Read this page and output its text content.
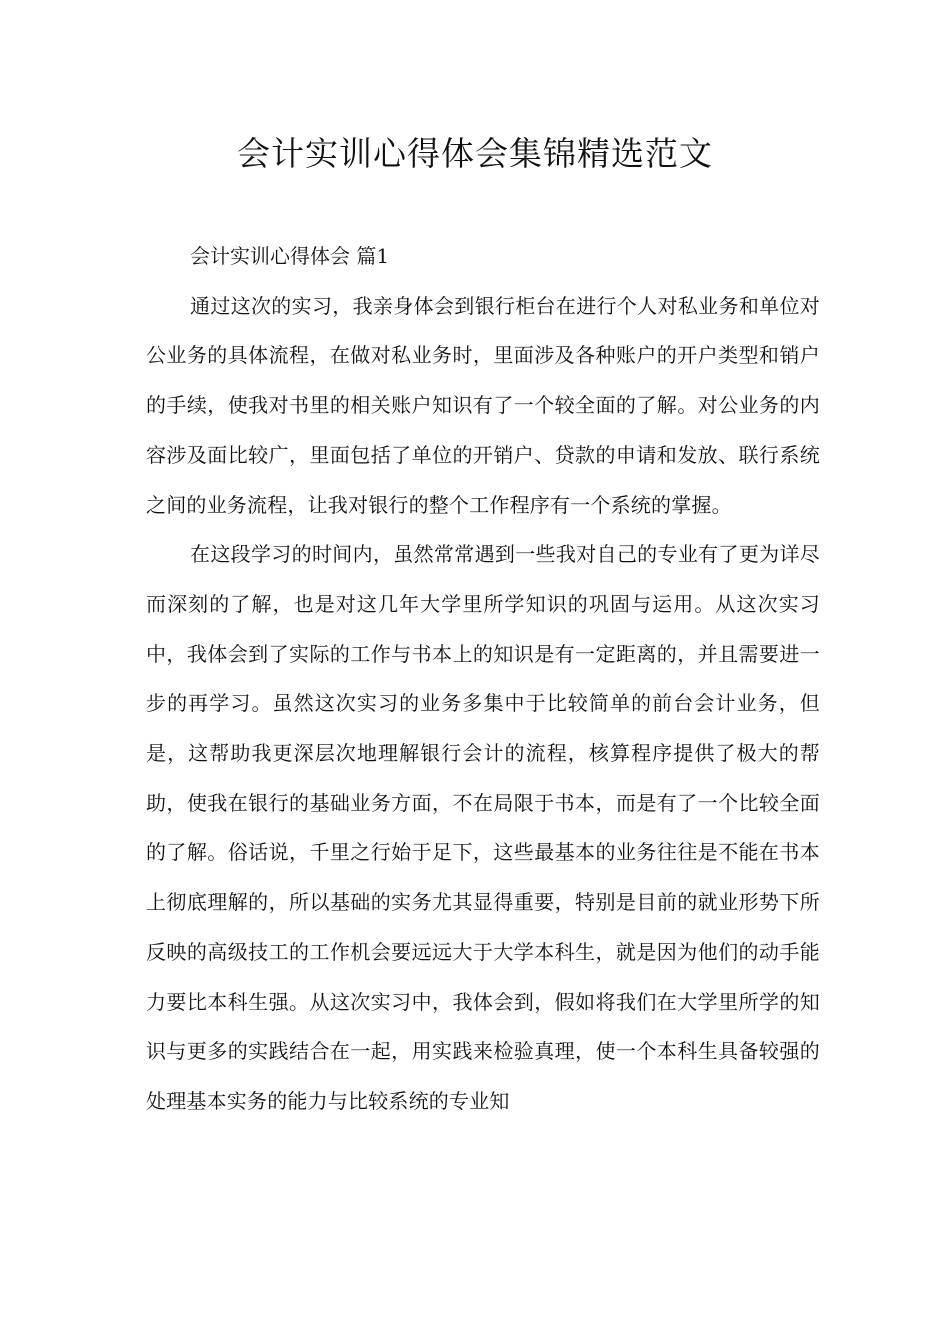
会计实训心得体会集锦精选范文

会计实训心得体会 篇1

通过这次的实习，我亲身体会到银行柜台在进行个人对私业务和单位对公业务的具体流程，在做对私业务时，里面涉及各种账户的开户类型和销户的手续，使我对书里的相关账户知识有了一个较全面的了解。对公业务的内容涉及面比较广，里面包括了单位的开销户、贷款的申请和发放、联行系统之间的业务流程，让我对银行的整个工作程序有一个系统的掌握。

在这段学习的时间内，虽然常常遇到一些我对自己的专业有了更为详尽而深刻的了解，也是对这几年大学里所学知识的巩固与运用。从这次实习中，我体会到了实际的工作与书本上的知识是有一定距离的，并且需要进一步的再学习。虽然这次实习的业务多集中于比较简单的前台会计业务，但是，这帮助我更深层次地理解银行会计的流程，核算程序提供了极大的帮助，使我在银行的基础业务方面，不在局限于书本，而是有了一个比较全面的了解。俗话说，千里之行始于足下，这些最基本的业务往往是不能在书本上彻底理解的，所以基础的实务尤其显得重要，特别是目前的就业形势下所反映的高级技工的工作机会要远远大于大学本科生，就是因为他们的动手能力要比本科生强。从这次实习中，我体会到，假如将我们在大学里所学的知识与更多的实践结合在一起，用实践来检验真理，使一个本科生具备较强的处理基本实务的能力与比较系统的专业知
